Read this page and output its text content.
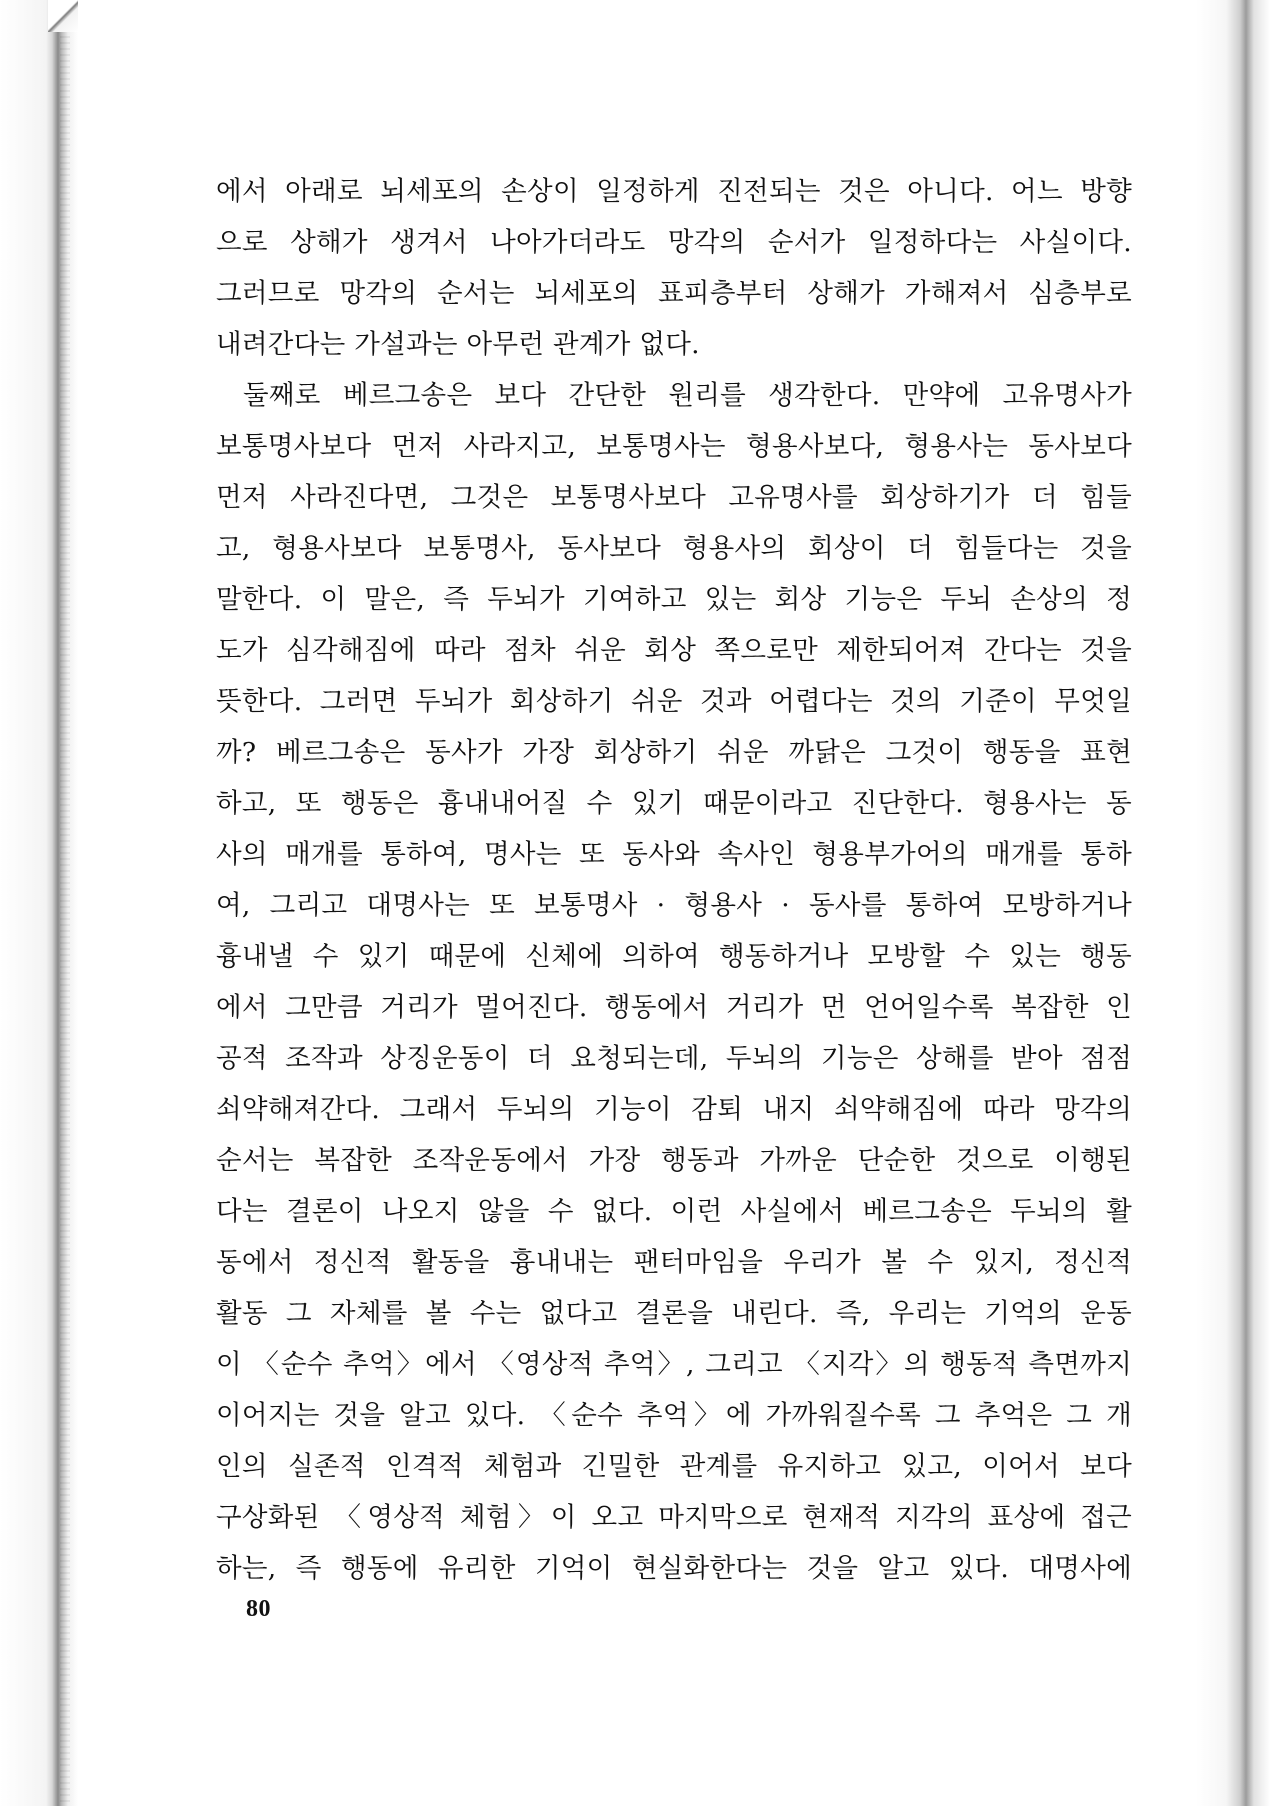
에서 아래로 뇌세포의 손상이 일정하게 진전되는 것은 아니다. 어느 방향
으로 상해가 생겨서 나아가더라도 망각의 순서가 일정하다는 사실이다.
그러므로 망각의 순서는 뇌세포의 표피층부터 상해가 가해져서 심층부로
내려간다는 가설과는 아무런 관계가 없다.
둘째로 베르그송은 보다 간단한 원리를 생각한다. 만약에 고유명사가
보통명사보다 먼저 사라지고, 보통명사는 형용사보다, 형용사는 동사보다
먼저 사라진다면, 그것은 보통명사보다 고유명사를 회상하기가 더 힘들
고, 형용사보다 보통명사, 동사보다 형용사의 회상이 더 힘들다는 것을
말한다. 이 말은, 즉 두뇌가 기여하고 있는 회상 기능은 두뇌 손상의 정
도가 심각해짐에 따라 점차 쉬운 회상 쪽으로만 제한되어져 간다는 것을
뜻한다. 그러면 두뇌가 회상하기 쉬운 것과 어렵다는 것의 기준이 무엇일
까? 베르그송은 동사가 가장 회상하기 쉬운 까닭은 그것이 행동을 표현
하고, 또 행동은 흉내내어질 수 있기 때문이라고 진단한다. 형용사는 동
사의 매개를 통하여, 명사는 또 동사와 속사인 형용부가어의 매개를 통하
여, 그리고 대명사는 또 보통명사 · 형용사 · 동사를 통하여 모방하거나
흉내낼 수 있기 때문에 신체에 의하여 행동하거나 모방할 수 있는 행동
에서 그만큼 거리가 멀어진다. 행동에서 거리가 먼 언어일수록 복잡한 인
공적 조작과 상징운동이 더 요청되는데, 두뇌의 기능은 상해를 받아 점점
쇠약해져간다. 그래서 두뇌의 기능이 감퇴 내지 쇠약해짐에 따라 망각의
순서는 복잡한 조작운동에서 가장 행동과 가까운 단순한 것으로 이행된
다는 결론이 나오지 않을 수 없다. 이런 사실에서 베르그송은 두뇌의 활
동에서 정신적 활동을 흉내내는 팬터마임을 우리가 볼 수 있지, 정신적
활동 그 자체를 볼 수는 없다고 결론을 내린다. 즉, 우리는 기억의 운동
이 〈순수 추억〉에서 〈영상적 추억〉, 그리고 〈지각〉의 행동적 측면까지
이어지는 것을 알고 있다. 〈순수 추억〉에 가까워질수록 그 추억은 그 개
인의 실존적 인격적 체험과 긴밀한 관계를 유지하고 있고, 이어서 보다
구상화된 〈영상적 체험〉이 오고 마지막으로 현재적 지각의 표상에 접근
하는, 즉 행동에 유리한 기억이 현실화한다는 것을 알고 있다. 대명사에
80
